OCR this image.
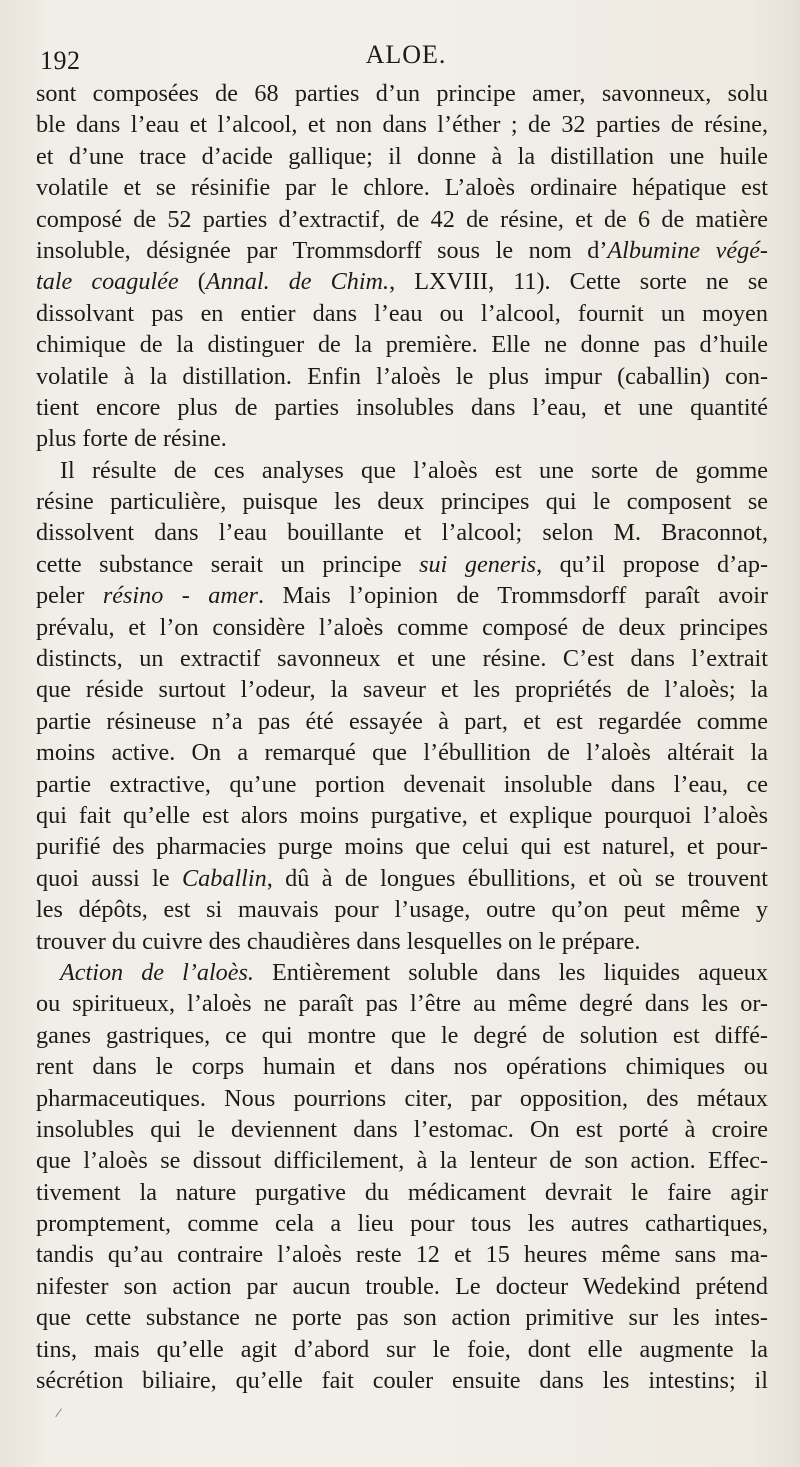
192	ALOE.
sont composées de 68 parties d’un principe amer, savonneux, solu
ble dans l’eau et l’alcool, et non dans l’éther ; de 32 parties de résine,
et d’une trace d’acide gallique; il donne à la distillation une huile
volatile et se résinifie par le chlore. L’aloès ordinaire hépatique est
composé de 52 parties d’extractif, de 42 de résine, et de 6 de matière
insoluble, désignée par Trommsdorff sous le nom d’Albumine végé-
tale coagulée (Annal. de Chim., LXVIII, 11). Cette sorte ne se
dissolvant pas en entier dans l’eau ou l’alcool, fournit un moyen
chimique de la distinguer de la première. Elle ne donne pas d’huile
volatile à la distillation. Enfin l’aloès le plus impur (caballin) con-
tient encore plus de parties insolubles dans l’eau, et une quantité
plus forte de résine.
Il résulte de ces analyses que l’aloès est une sorte de gomme
résine particulière, puisque les deux principes qui le composent se
dissolvent dans l’eau bouillante et l’alcool; selon M. Braconnot,
cette substance serait un principe sui generis, qu’il propose d’ap-
peler résino - amer. Mais l’opinion de Trommsdorff paraît avoir
prévalu, et l’on considère l’aloès comme composé de deux principes
distincts, un extractif savonneux et une résine. C’est dans l’extrait
que réside surtout l’odeur, la saveur et les propriétés de l’aloès; la
partie résineuse n’a pas été essayée à part, et est regardée comme
moins active. On a remarqué que l’ébullition de l’aloès altérait la
partie extractive, qu’une portion devenait insoluble dans l’eau, ce
qui fait qu’elle est alors moins purgative, et explique pourquoi l’aloès
purifié des pharmacies purge moins que celui qui est naturel, et pour-
quoi aussi le Caballin, dû à de longues ébullitions, et où se trouvent
les dépôts, est si mauvais pour l’usage, outre qu’on peut même y
trouver du cuivre des chaudières dans lesquelles on le prépare.
Action de l’aloès. Entièrement soluble dans les liquides aqueux
ou spiritueux, l’aloès ne paraît pas l’être au même degré dans les or-
ganes gastriques, ce qui montre que le degré de solution est diffé-
rent dans le corps humain et dans nos opérations chimiques ou
pharmaceutiques. Nous pourrions citer, par opposition, des métaux
insolubles qui le deviennent dans l’estomac. On est porté à croire
que l’aloès se dissout difficilement, à la lenteur de son action. Effec-
tivement la nature purgative du médicament devrait le faire agir
promptement, comme cela a lieu pour tous les autres cathartiques,
tandis qu’au contraire l’aloès reste 12 et 15 heures même sans ma-
nifester son action par aucun trouble. Le docteur Wedekind prétend
que cette substance ne porte pas son action primitive sur les intes-
tins, mais qu’elle agit d’abord sur le foie, dont elle augmente la
sécrétion biliaire, qu’elle fait couler ensuite dans les intestins; il
